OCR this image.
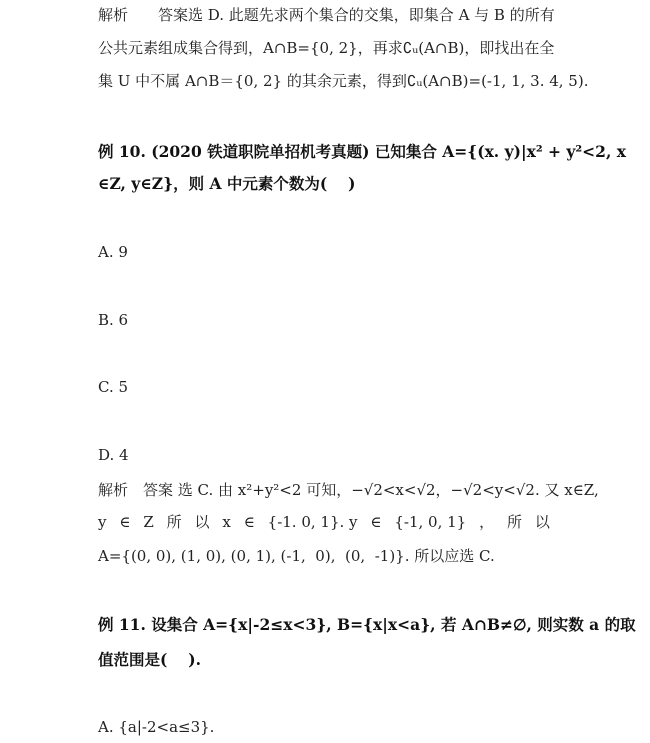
解析　　答案选 D. 此题先求两个集合的交集，即集合 A 与 B 的所有
公共元素组成集合得到，A∩B={0, 2}，再求∁ᵤ(A∩B)，即找出在全
集 U 中不属 A∩B＝{0, 2} 的其余元素，得到∁ᵤ(A∩B)=(-1, 1, 3. 4, 5).
例 10. (2020 铁道职院单招机考真题) 已知集合 A={(x. y)|x² + y²<2, x
∈Z, y∈Z}，则 A 中元素个数为(　 )
A. 9
B. 6
C. 5
D. 4
解析　答案 选 C. 由 x²+y²<2 可知，−√2<x<√2，−√2<y<√2. 又 x∈Z,
y ∈ Z 所 以 x ∈ {-1. 0, 1}. y ∈ {-1, 0, 1} ， 所 以
A={(0, 0), (1, 0), (0, 1), (-1,  0),  (0,  -1)}. 所以应选 C.
例 11. 设集合 A={x|-2≤x<3}, B={x|x<a}, 若 A∩B≠∅, 则实数 a 的取
值范围是(　 ).
A. {a|-2<a≤3}.
